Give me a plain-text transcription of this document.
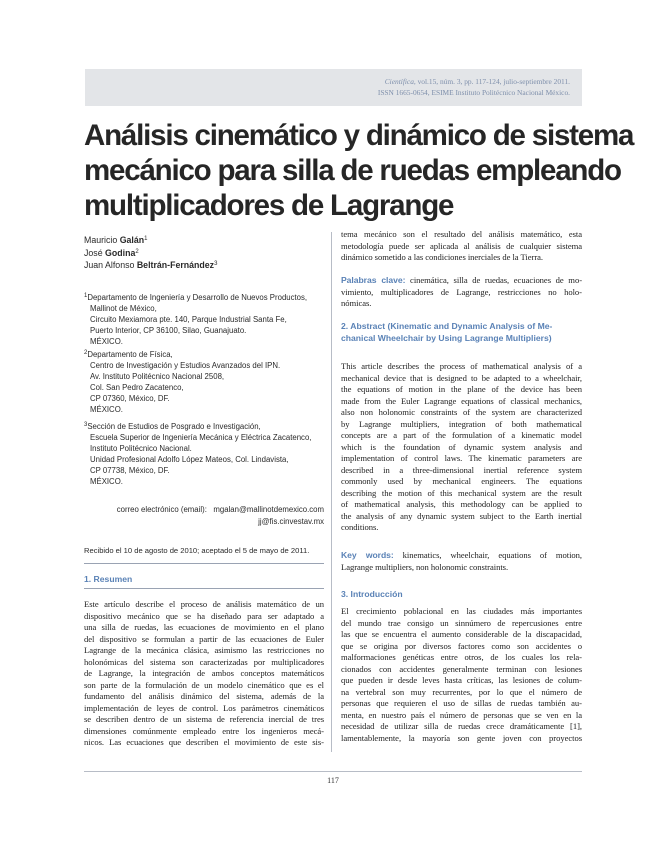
Científica, vol.15, núm. 3, pp. 117-124, julio-septiembre 2011.
ISSN 1665-0654, ESIME Instituto Politécnico Nacional México.
Análisis cinemático y dinámico de sistema
mecánico para silla de ruedas empleando
multiplicadores de Lagrange
Mauricio Galán$^1$
José Godina$^2$
Juan Alfonso Beltrán-Fernández$^3$
$^1$Departamento de Ingeniería y Desarrollo de Nuevos Productos,
Mallinot de México,
Circuito Mexiamora pte. 140, Parque Industrial Santa Fe,
Puerto Interior, CP 36100, Silao, Guanajuato.
MÉXICO.
$^2$Departamento de Física,
Centro de Investigación y Estudios Avanzados del IPN.
Av. Instituto Politécnico Nacional 2508,
Col. San Pedro Zacatenco,
CP 07360, México, DF.
MÉXICO.
$^3$Sección de Estudios de Posgrado e Investigación,
Escuela Superior de Ingeniería Mecánica y Eléctrica Zacatenco,
Instituto Politécnico Nacional.
Unidad Profesional Adolfo López Mateos, Col. Lindavista,
CP 07738, México, DF.
MÉXICO.
correo electrónico (email): mgalan@mallinotdemexico.com
jj@fis.cinvestav.mx
Recibido el 10 de agosto de 2010; aceptado el 5 de mayo de 2011.
1. Resumen
Este artículo describe el proceso de análisis matemático de un
dispositivo mecánico que se ha diseñado para ser adaptado a
una silla de ruedas, las ecuaciones de movimiento en el plano
del dispositivo se formulan a partir de las ecuaciones de Euler
Lagrange de la mecánica clásica, asimismo las restricciones no
holonómicas del sistema son caracterizadas por multiplicadores
de Lagrange, la integración de ambos conceptos matemáticos
son parte de la formulación de un modelo cinemático que es el
fundamento del análisis dinámico del sistema, además de la
implementación de leyes de control. Los parámetros cinemáticos
se describen dentro de un sistema de referencia inercial de tres
dimensiones comúnmente empleado entre los ingenieros mecá-
nicos. Las ecuaciones que describen el movimiento de este sis-
tema mecánico son el resultado del análisis matemático, esta
metodología puede ser aplicada al análisis de cualquier sistema
dinámico sometido a las condiciones inerciales de la Tierra.
Palabras clave: cinemática, silla de ruedas, ecuaciones de mo-
vimiento, multiplicadores de Lagrange, restricciones no holo-
nómicas.
2. Abstract (Kinematic and Dynamic Analysis of Me-
chanical Wheelchair by Using Lagrange Multipliers)
This article describes the process of mathematical analysis of a
mechanical device that is designed to be adapted to a wheelchair,
the equations of motion in the plane of the device has been
made from the Euler Lagrange equations of classical mechanics,
also non holonomic constraints of the system are characterized
by Lagrange multipliers, integration of both mathematical
concepts are a part of the formulation of a kinematic model
which is the foundation of dynamic system analysis and
implementation of control laws. The kinematic parameters are
described in a three-dimensional inertial reference system
commonly used by mechanical engineers. The equations
describing the motion of this mechanical system are the result
of mathematical analysis, this methodology can be applied to
the analysis of any dynamic system subject to the Earth inertial
conditions.
Key words: kinematics, wheelchair, equations of motion,
Lagrange multipliers, non holonomic constraints.
3. Introducción
El crecimiento poblacional en las ciudades más importantes
del mundo trae consigo un sinnúmero de repercusiones entre
las que se encuentra el aumento considerable de la discapacidad,
que se origina por diversos factores como son accidentes o
malformaciones genéticas entre otros, de los cuales los rela-
cionados con accidentes generalmente terminan con lesiones
que pueden ir desde leves hasta críticas, las lesiones de colum-
na vertebral son muy recurrentes, por lo que el número de
personas que requieren el uso de sillas de ruedas también au-
menta, en nuestro país el número de personas que se ven en la
necesidad de utilizar silla de ruedas crece dramáticamente [1],
lamentablemente, la mayoría son gente joven con proyectos
117
